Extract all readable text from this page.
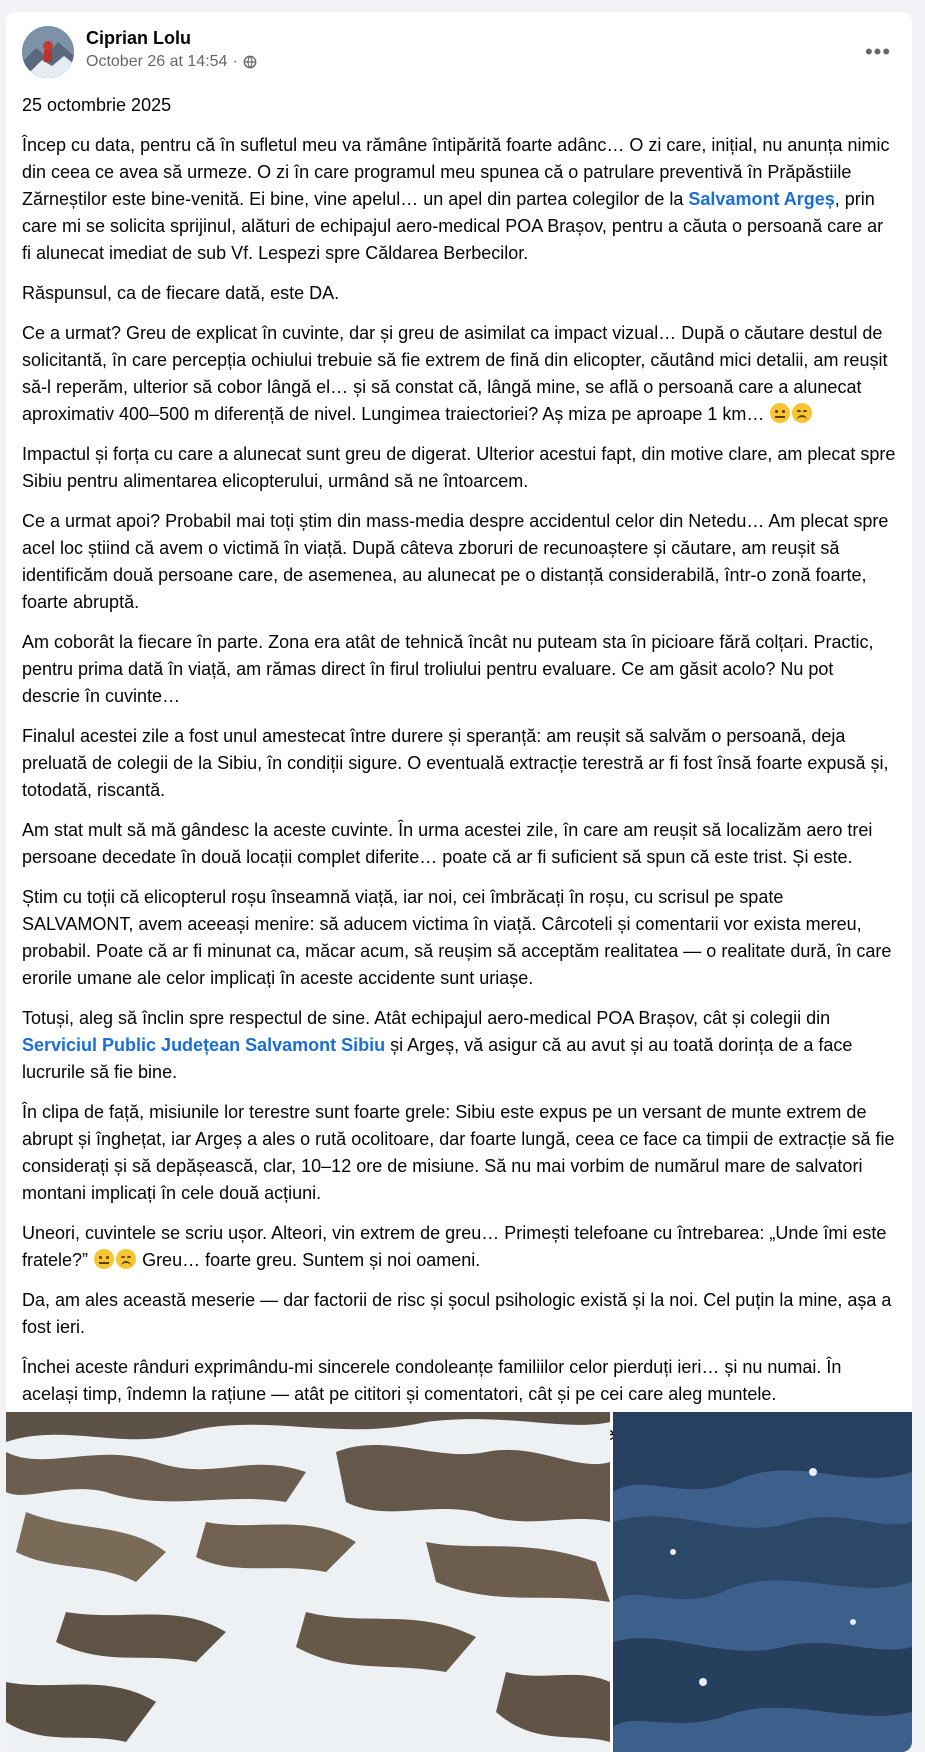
Ciprian Lolu
October 26 at 14:54 ·	•••

25 octombrie 2025

Încep cu data, pentru că în sufletul meu va rămâne întipărită foarte adânc… O zi care, inițial, nu anunța nimic din ceea ce avea să urmeze. O zi în care programul meu spunea că o patrulare preventivă în Prăpăstiile Zărneștilor este bine-venită. Ei bine, vine apelul… un apel din partea colegilor de la Salvamont Argeș, prin care mi se solicita sprijinul, alături de echipajul aero-medical POA Brașov, pentru a căuta o persoană care ar fi alunecat imediat de sub Vf. Lespezi spre Căldarea Berbecilor.

Răspunsul, ca de fiecare dată, este DA.

Ce a urmat? Greu de explicat în cuvinte, dar și greu de asimilat ca impact vizual… După o căutare destul de solicitantă, în care percepția ochiului trebuie să fie extrem de fină din elicopter, căutând mici detalii, am reușit să-l reperăm, ulterior să cobor lângă el… și să constat că, lângă mine, se află o persoană care a alunecat aproximativ 400–500 m diferență de nivel. Lungimea traiectoriei? Aș miza pe aproape 1 km…

Impactul și forța cu care a alunecat sunt greu de digerat. Ulterior acestui fapt, din motive clare, am plecat spre Sibiu pentru alimentarea elicopterului, urmând să ne întoarcem.

Ce a urmat apoi? Probabil mai toți știm din mass-media despre accidentul celor din Netedu… Am plecat spre acel loc știind că avem o victimă în viață. După câteva zboruri de recunoaștere și căutare, am reușit să identificăm două persoane care, de asemenea, au alunecat pe o distanță considerabilă, într-o zonă foarte, foarte abruptă.

Am coborât la fiecare în parte. Zona era atât de tehnică încât nu puteam sta în picioare fără colțari. Practic, pentru prima dată în viață, am rămas direct în firul troliului pentru evaluare. Ce am găsit acolo? Nu pot descrie în cuvinte…

Finalul acestei zile a fost unul amestecat între durere și speranță: am reușit să salvăm o persoană, deja preluată de colegii de la Sibiu, în condiții sigure. O eventuală extracție terestră ar fi fost însă foarte expusă și, totodată, riscantă.

Am stat mult să mă gândesc la aceste cuvinte. În urma acestei zile, în care am reușit să localizăm aero trei persoane decedate în două locații complet diferite… poate că ar fi suficient să spun că este trist. Și este.

Știm cu toții că elicopterul roșu înseamnă viață, iar noi, cei îmbrăcați în roșu, cu scrisul pe spate SALVAMONT, avem aceeași menire: să aducem victima în viață. Cârcoteli și comentarii vor exista mereu, probabil. Poate că ar fi minunat ca, măcar acum, să reușim să acceptăm realitatea — o realitate dură, în care erorile umane ale celor implicați în aceste accidente sunt uriașe.

Totuși, aleg să înclin spre respectul de sine. Atât echipajul aero-medical POA Brașov, cât și colegii din Serviciul Public Județean Salvamont Sibiu și Argeș, vă asigur că au avut și au toată dorința de a face lucrurile să fie bine.

În clipa de față, misiunile lor terestre sunt foarte grele: Sibiu este expus pe un versant de munte extrem de abrupt și înghețat, iar Argeș a ales o rută ocolitoare, dar foarte lungă, ceea ce face ca timpii de extracție să fie considerați și să depășească, clar, 10–12 ore de misiune. Să nu mai vorbim de numărul mare de salvatori montani implicați în cele două acțiuni.

Uneori, cuvintele se scriu ușor. Alteori, vin extrem de greu… Primești telefoane cu întrebarea: „Unde îmi este fratele?”	Greu… foarte greu. Suntem și noi oameni.

Da, am ales această meserie — dar factorii de risc și șocul psihologic există și la noi. Cel puțin la mine, așa a fost ieri.

Închei aceste rânduri exprimându-mi sincerele condoleanțe familiilor celor pierduți ieri… și nu numai. În același timp, îndemn la rațiune — atât pe cititori și comentatori, cât și pe cei care aleg muntele.
